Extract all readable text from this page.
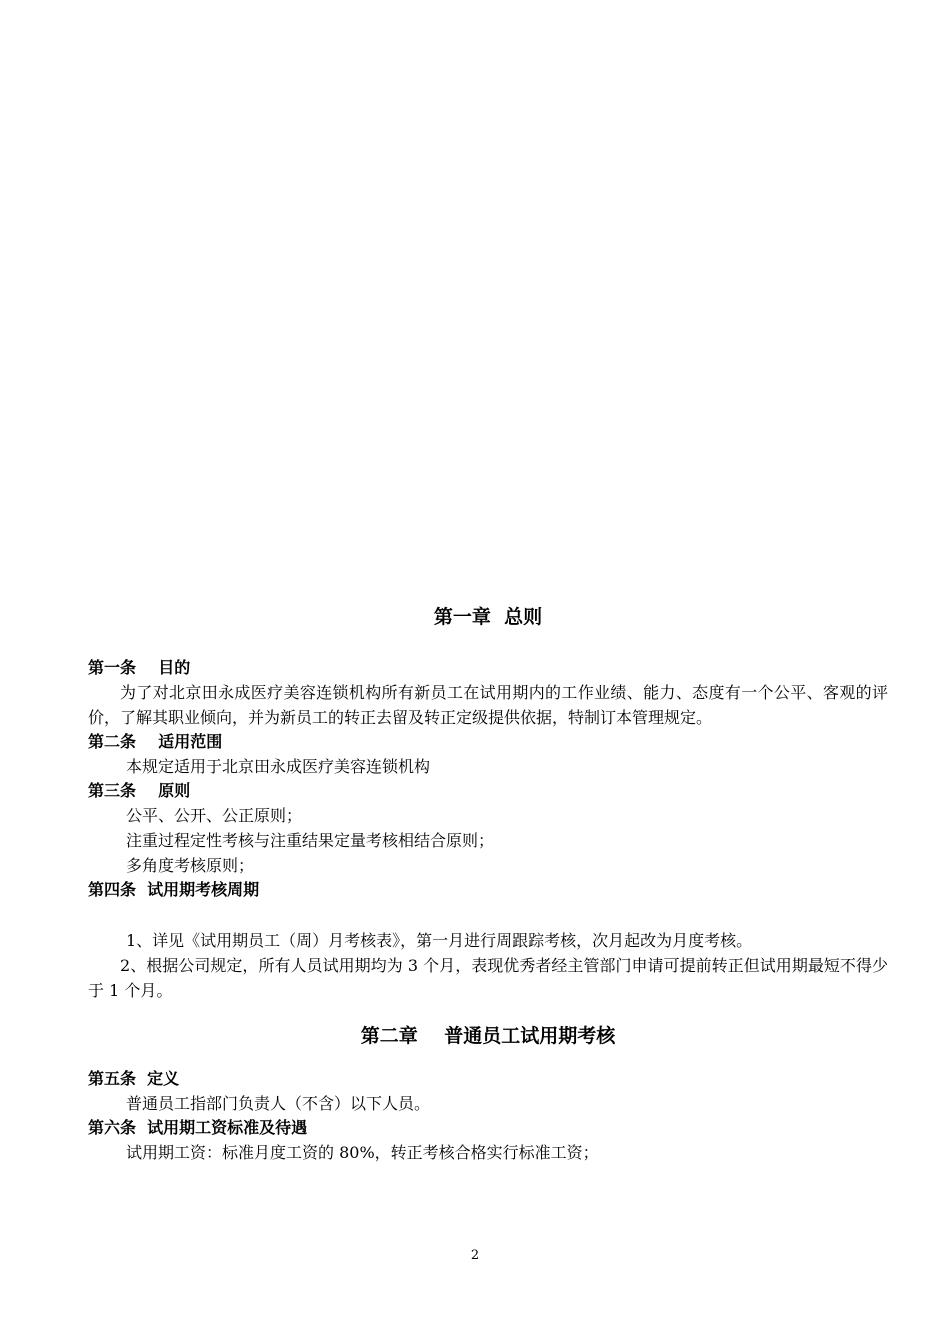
第一章  总则

第一条    目的

为了对北京田永成医疗美容连锁机构所有新员工在试用期内的工作业绩、能力、态度有一个公平、客观的评价，了解其职业倾向，并为新员工的转正去留及转正定级提供依据，特制订本管理规定。

第二条    适用范围

本规定适用于北京田永成医疗美容连锁机构

第三条    原则

公平、公开、公正原则；

注重过程定性考核与注重结果定量考核相结合原则；

多角度考核原则；

第四条  试用期考核周期

1、详见《试用期员工（周）月考核表》，第一月进行周跟踪考核，次月起改为月度考核。

2、根据公司规定，所有人员试用期均为 3 个月，表现优秀者经主管部门申请可提前转正但试用期最短不得少于 1 个月。

第二章    普通员工试用期考核

第五条  定义

普通员工指部门负责人（不含）以下人员。

第六条  试用期工资标准及待遇

试用期工资：标准月度工资的 80%，转正考核合格实行标准工资；

2
